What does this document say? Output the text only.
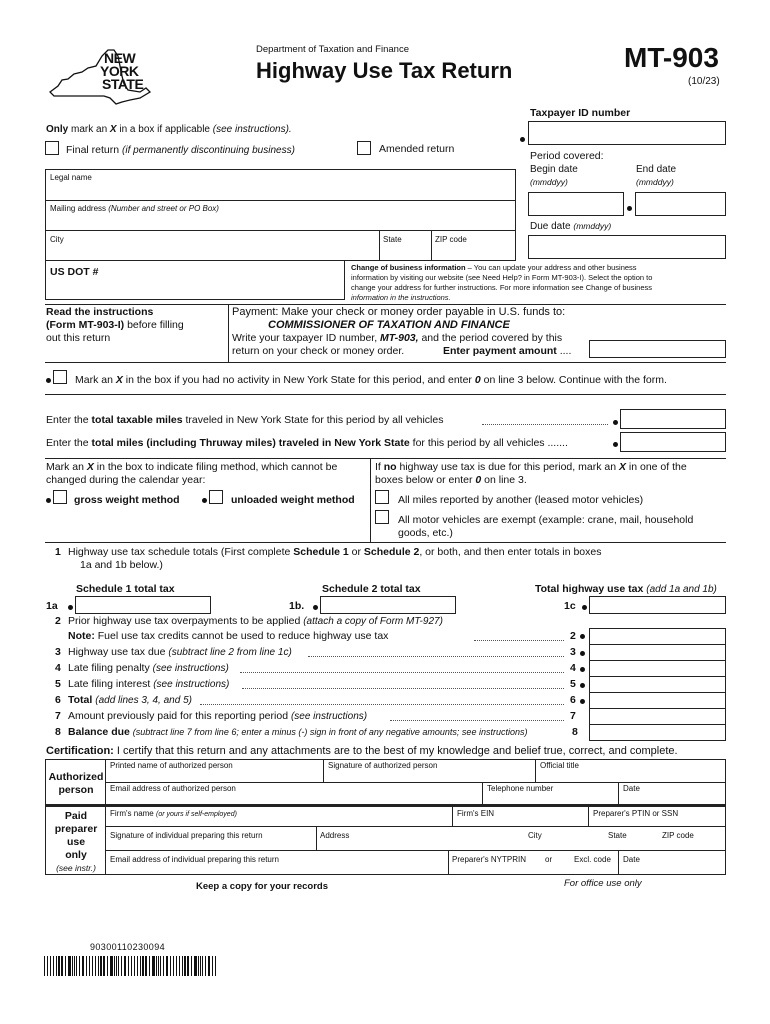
NEW
YORK
STATE
Department of Taxation and Finance
Highway Use Tax Return	MT-903
(10/23)
Taxpayer ID number
Only mark an X in a box if applicable (see instructions).
Final return (if permanently discontinuing business)	Amended return
Period covered:
Begin date
(mmddyy)
End date
(mmddyy)
Due date (mmddyy)
Legal name
Mailing address (Number and street or PO Box)
City	State	ZIP code
US DOT #	Change of business information – You can update your address and other business
information by visiting our website (see Need Help? in Form MT-903-I). Select the option to
change your address for further instructions. For more information see Change of business
information in the instructions.
Read the instructions
(Form MT-903-I) before filling
out this return
Payment: Make your check or money order payable in U.S. funds to:
COMMISSIONER OF TAXATION AND FINANCE
Write your taxpayer ID number, MT-903, and the period covered by this
return on your check or money order.	Enter payment amount ....
Mark an X in the box if you had no activity in New York State for this period, and enter 0 on line 3 below. Continue with the form.
Enter the total taxable miles traveled in New York State for this period by all vehicles
Enter the total miles (including Thruway miles) traveled in New York State for this period by all vehicles .......
Mark an X in the box to indicate filing method, which cannot be
changed during the calendar year:
gross weight method	unloaded weight method
If no highway use tax is due for this period, mark an X in one of the
boxes below or enter 0 on line 3.
All miles reported by another (leased motor vehicles)
All motor vehicles are exempt (example: crane, mail, household
goods, etc.)
1 Highway use tax schedule totals (First complete Schedule 1 or Schedule 2, or both, and then enter totals in boxes
1a and 1b below.)
Schedule 1 total tax	Schedule 2 total tax	Total highway use tax (add 1a and 1b)
1a	1b.	1c
2 Prior highway use tax overpayments to be applied (attach a copy of Form MT-927)
Note: Fuel use tax credits cannot be used to reduce highway use tax	2
3 Highway use tax due (subtract line 2 from line 1c)	3
4 Late filing penalty (see instructions)	4
5 Late filing interest (see instructions)	5
6 Total (add lines 3, 4, and 5)	6
7 Amount previously paid for this reporting period (see instructions)	7
8 Balance due (subtract line 7 from line 6; enter a minus (-) sign in front of any negative amounts; see instructions)	8
Certification: I certify that this return and any attachments are to the best of my knowledge and belief true, correct, and complete.
Authorized
person
Printed name of authorized person	Signature of authorized person	Official title
Email address of authorized person	Telephone number	Date
Paid
preparer
use
only
(see instr.)
Firm's name (or yours if self-employed)	Firm's EIN	Preparer's PTIN or SSN
Signature of individual preparing this return	Address	City	State	ZIP code
Email address of individual preparing this return	Preparer's NYTPRIN or	Excl. code Date
Keep a copy for your records	For office use only
90300110230094
